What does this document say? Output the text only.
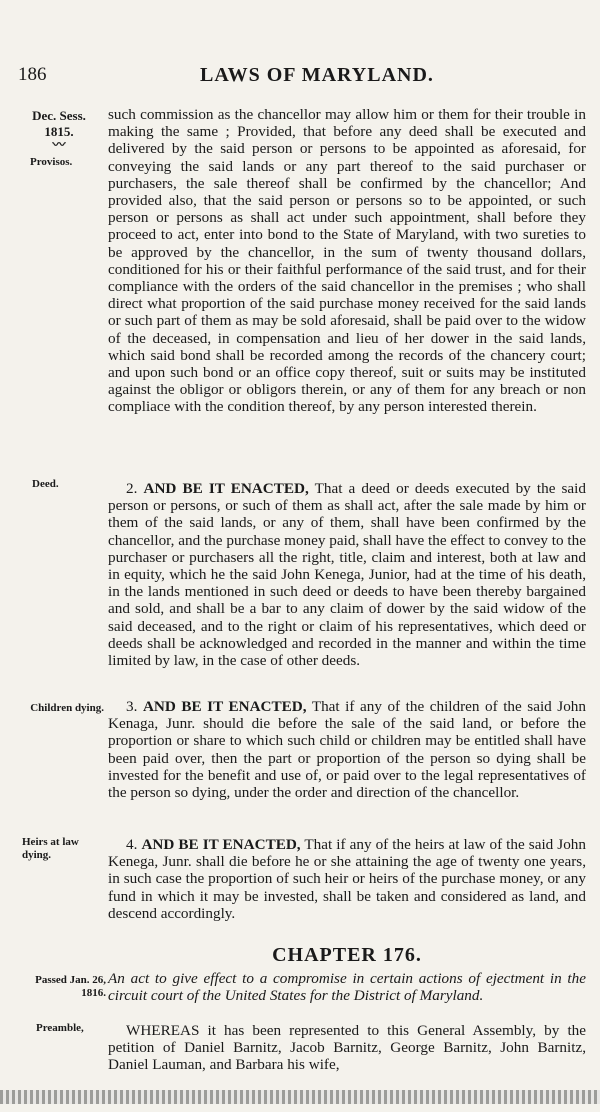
186	LAWS OF MARYLAND.
Dec. Sess.
1815.
〰
Provisos.
Deed.
Children dying.
Heirs at law dying.
Passed Jan. 26, 1816.
Preamble,

such commission as the chancellor may allow him or them for their trouble in making the same ; Provided, that before any deed shall be executed and delivered by the said person or persons to be appointed as aforesaid, for conveying the said lands or any part thereof to the said purchaser or purchasers, the sale thereof shall be confirmed by the chancellor; And provided also, that the said person or persons so to be appointed, or such person or persons as shall act under such appointment, shall before they proceed to act, enter into bond to the State of Maryland, with two sureties to be approved by the chancellor, in the sum of twenty thousand dollars, conditioned for his or their faithful performance of the said trust, and for their compliance with the orders of the said chancellor in the premises ; who shall direct what proportion of the said purchase money received for the said lands or such part of them as may be sold aforesaid, shall be paid over to the widow of the deceased, in compensation and lieu of her dower in the said lands, which said bond shall be recorded among the records of the chancery court; and upon such bond or an office copy thereof, suit or suits may be instituted against the obligor or obligors therein, or any of them for any breach or non compliace with the condition thereof, by any person interested therein.

2. AND BE IT ENACTED, That a deed or deeds executed by the said person or persons, or such of them as shall act, after the sale made by him or them of the said lands, or any of them, shall have been confirmed by the chancellor, and the purchase money paid, shall have the effect to convey to the purchaser or purchasers all the right, title, claim and interest, both at law and in equity, which he the said John Kenega, Junior, had at the time of his death, in the lands mentioned in such deed or deeds to have been thereby bargained and sold, and shall be a bar to any claim of dower by the said widow of the said deceased, and to the right or claim of his representatives, which deed or deeds shall be acknowledged and recorded in the manner and within the time limited by law, in the case of other deeds.

3. AND BE IT ENACTED, That if any of the children of the said John Kenaga, Junr. should die before the sale of the said land, or before the proportion or share to which such child or children may be entitled shall have been paid over, then the part or proportion of the person so dying shall be invested for the benefit and use of, or paid over to the legal representatives of the person so dying, under the order and direction of the chancellor.

4. AND BE IT ENACTED, That if any of the heirs at law of the said John Kenega, Junr. shall die before he or she attaining the age of twenty one years, in such case the proportion of such heir or heirs of the purchase money, or any fund in which it may be invested, shall be taken and considered as land, and descend accordingly.

CHAPTER 176.

An act to give effect to a compromise in certain actions of ejectment in the circuit court of the United States for the District of Maryland.

WHEREAS it has been represented to this General Assembly, by the petition of Daniel Barnitz, Jacob Barnitz, George Barnitz, John Barnitz, Daniel Lauman, and Barbara his wife,
